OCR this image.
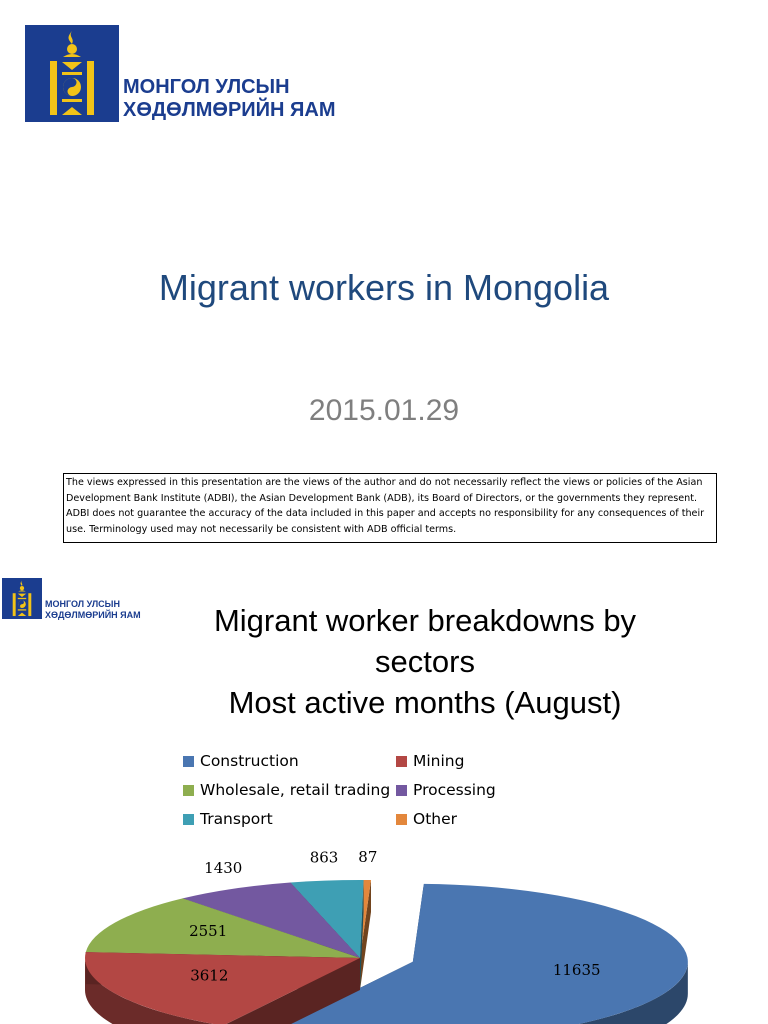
МОНГОЛ УЛСЫН
ХӨДӨЛМӨРИЙН ЯАМ
Migrant workers in Mongolia
2015.01.29
The views expressed in this presentation are the views of the author and do not necessarily reflect the views or policies of the Asian Development Bank Institute (ADBI), the Asian Development Bank (ADB), its Board of Directors, or the governments they represent. ADBI does not guarantee the accuracy of the data included in this paper and accepts no responsibility for any consequences of their use. Terminology used may not necessarily be consistent with ADB official terms.
МОНГОЛ УЛСЫН
ХӨДӨЛМӨРИЙН ЯАМ	Migrant worker breakdowns by
sectors
Most active months (August)
Construction	Mining
Wholesale, retail trading Processing
Transport	Other
11635
3612
2551
1430
863 87
